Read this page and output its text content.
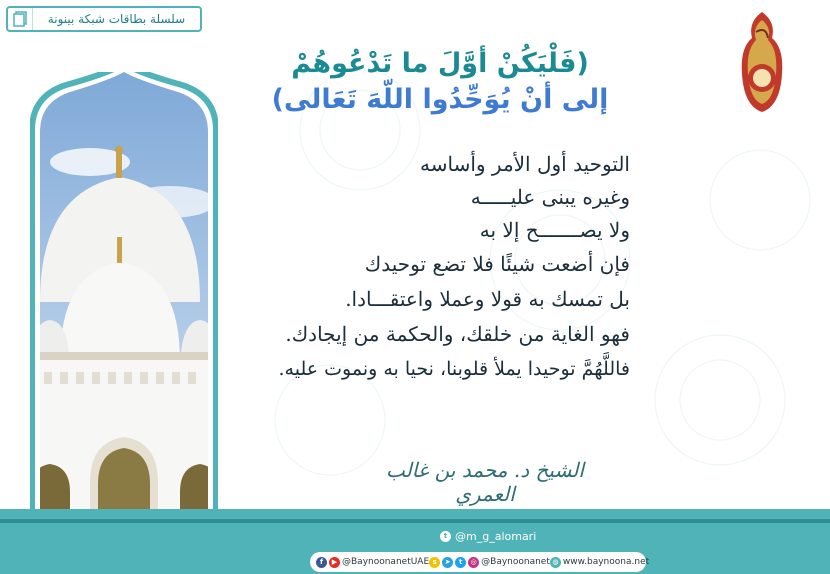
سلسلة بطاقات شبكة بينونة
(فَلْيَكُنْ أوَّلَ ما تَدْعُوهُمْ
إلى أنْ يُوَحِّدُوا اللّهَ تَعَالى)
التوحيد أول الأمر وأساسه
وغيره يبنى عليـــــه
ولا يصـــــــح إلا به
فإن أضعت شيئًا فلا تضع توحيدك
بل تمسك به قولا وعملا واعتقـــادا.
فهو الغاية من خلقك، والحكمة من إيجادك.
فاللَّهُمَّ توحيدا يملأ قلوبنا، نحيا به ونموت عليه.
الشيخ د. محمد بن غالب العمري
t @m_g_alomari
f	▶ @BaynoonanetUAE s	➤	t	◎ @Baynoonanet ◍ www.baynoona.net
